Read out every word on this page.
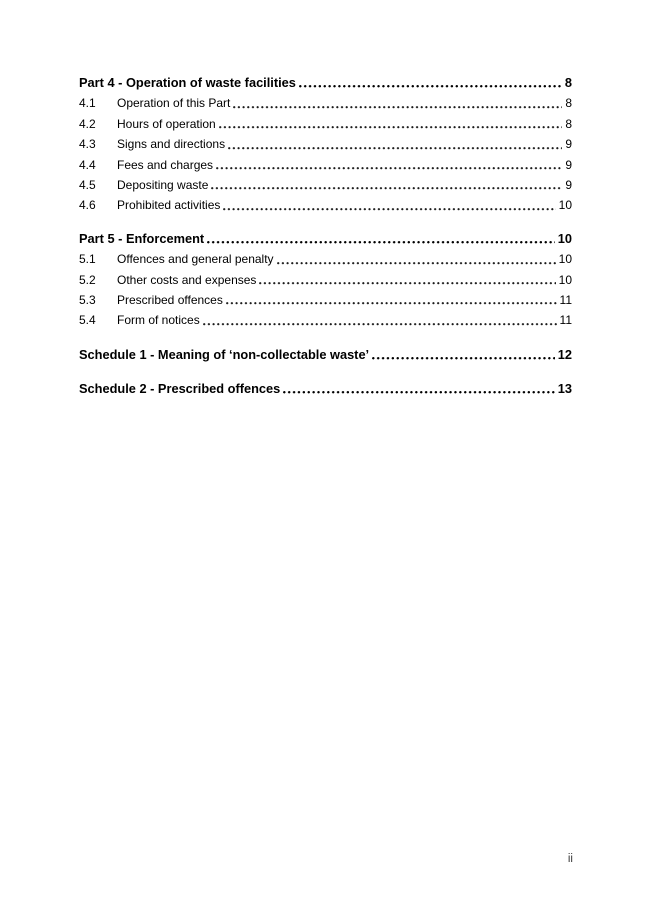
Part 4 - Operation of waste facilities	8
4.1	Operation of this Part	8
4.2	Hours of operation	8
4.3	Signs and directions	9
4.4	Fees and charges	9
4.5	Depositing waste	9
4.6	Prohibited activities	10
Part 5 - Enforcement	10
5.1	Offences and general penalty	10
5.2	Other costs and expenses	10
5.3	Prescribed offences	11
5.4	Form of notices	11
Schedule 1 - Meaning of ‘non-collectable waste’	12
Schedule 2 - Prescribed offences	13
ii
